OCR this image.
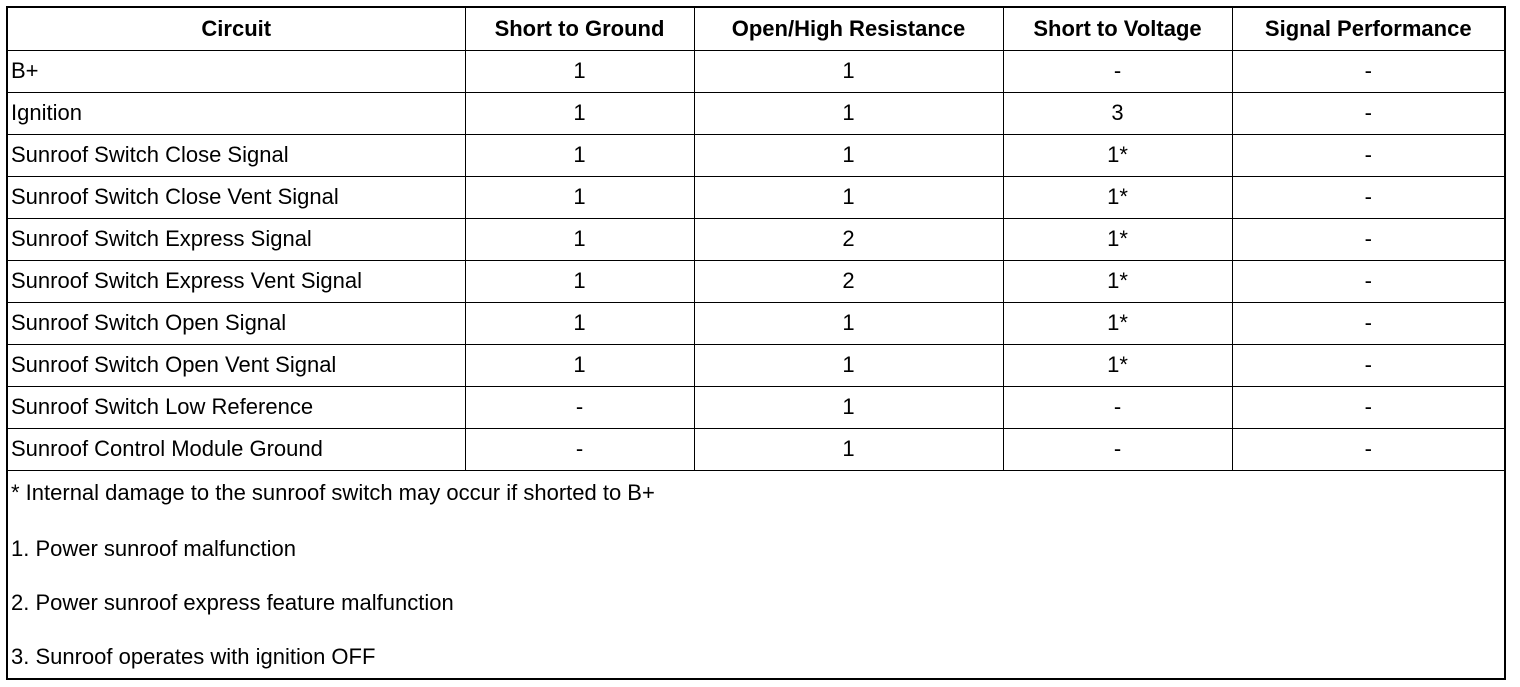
Circuit	Short to Ground	Open/High Resistance	Short to Voltage	Signal Performance
B+	1	1	-	-
Ignition	1	1	3	-
Sunroof Switch Close Signal	1	1	1*	-
Sunroof Switch Close Vent Signal	1	1	1*	-
Sunroof Switch Express Signal	1	2	1*	-
Sunroof Switch Express Vent Signal	1	2	1*	-
Sunroof Switch Open Signal	1	1	1*	-
Sunroof Switch Open Vent Signal	1	1	1*	-
Sunroof Switch Low Reference	-	1	-	-
Sunroof Control Module Ground	-	1	-	-
* Internal damage to the sunroof switch may occur if shorted to B+
1. Power sunroof malfunction
2. Power sunroof express feature malfunction
3. Sunroof operates with ignition OFF
